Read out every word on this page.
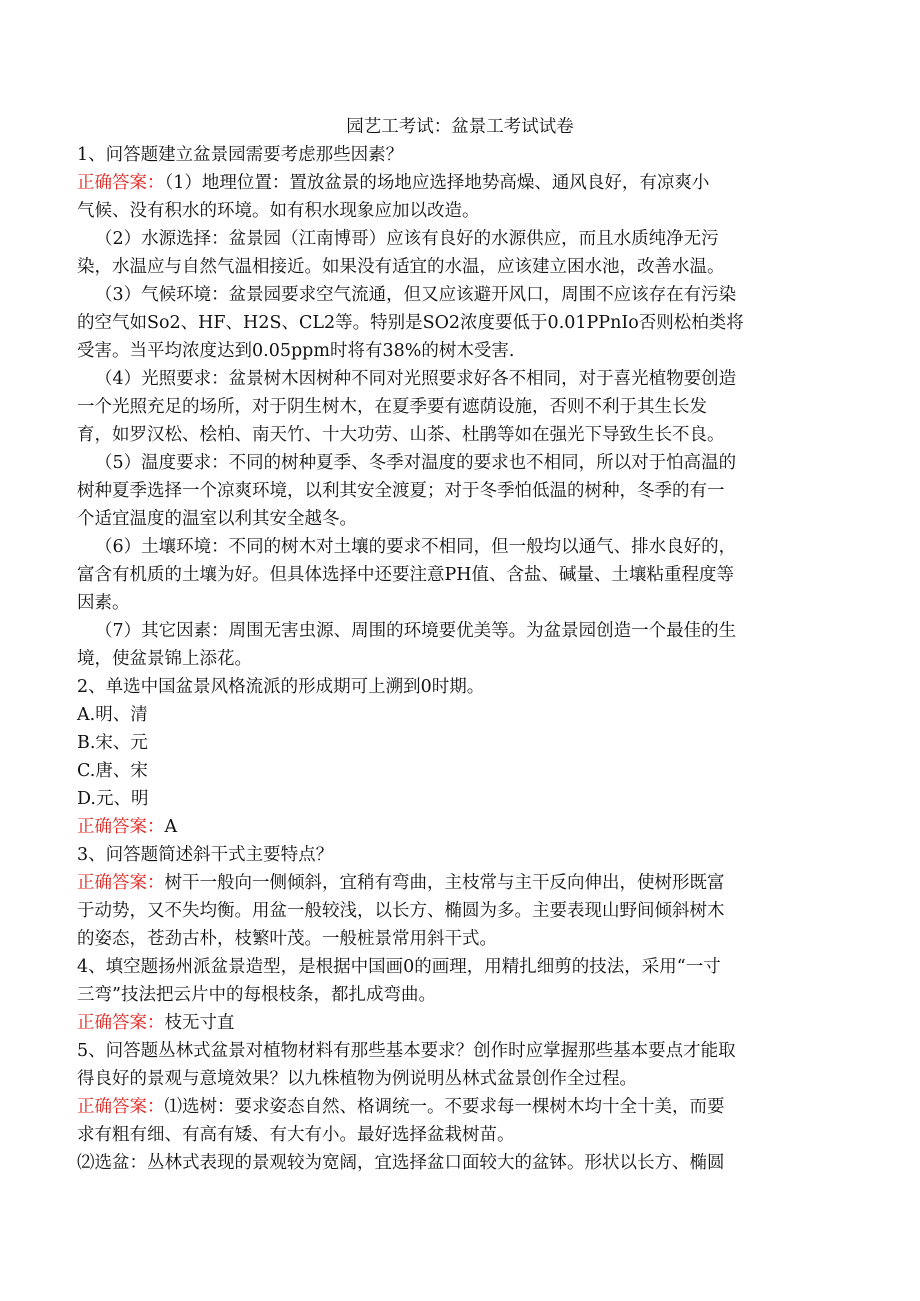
园艺工考试：盆景工考试试卷
1、问答题建立盆景园需要考虑那些因素？
正确答案：（1）地理位置：置放盆景的场地应选择地势高燥、通风良好，有凉爽小
气候、没有积水的环境。如有积水现象应加以改造。
（2）水源选择：盆景园（江南博哥）应该有良好的水源供应，而且水质纯净无污
染，水温应与自然气温相接近。如果没有适宜的水温，应该建立困水池，改善水温。
（3）气候环境：盆景园要求空气流通，但又应该避开风口，周围不应该存在有污染
的空气如So2、HF、H2S、CL2等。特别是SO2浓度要低于0.01PPnIo否则松柏类将
受害。当平均浓度达到0.05ppm时将有38%的树木受害.
（4）光照要求：盆景树木因树种不同对光照要求好各不相同，对于喜光植物要创造
一个光照充足的场所，对于阴生树木，在夏季要有遮荫设施，否则不利于其生长发
育，如罗汉松、桧柏、南天竹、十大功劳、山茶、杜鹃等如在强光下导致生长不良。
（5）温度要求：不同的树种夏季、冬季对温度的要求也不相同，所以对于怕高温的
树种夏季选择一个凉爽环境，以利其安全渡夏；对于冬季怕低温的树种，冬季的有一
个适宜温度的温室以利其安全越冬。
（6）土壤环境：不同的树木对土壤的要求不相同，但一般均以通气、排水良好的，
富含有机质的土壤为好。但具体选择中还要注意PH值、含盐、碱量、土壤粘重程度等
因素。
（7）其它因素：周围无害虫源、周围的环境要优美等。为盆景园创造一个最佳的生
境，使盆景锦上添花。
2、单选中国盆景风格流派的形成期可上溯到0时期。
A.明、清
B.宋、元
C.唐、宋
D.元、明
正确答案：A
3、问答题简述斜干式主要特点？
正确答案：树干一般向一侧倾斜，宜稍有弯曲，主枝常与主干反向伸出，使树形既富
于动势，又不失均衡。用盆一般较浅，以长方、椭圆为多。主要表现山野间倾斜树木
的姿态，苍劲古朴，枝繁叶茂。一般桩景常用斜干式。
4、填空题扬州派盆景造型，是根据中国画0的画理，用精扎细剪的技法，采用“一寸
三弯”技法把云片中的每根枝条，都扎成弯曲。
正确答案：枝无寸直
5、问答题丛林式盆景对植物材料有那些基本要求？创作时应掌握那些基本要点才能取
得良好的景观与意境效果？以九株植物为例说明丛林式盆景创作全过程。
正确答案：⑴选树：要求姿态自然、格调统一。不要求每一棵树木均十全十美，而要
求有粗有细、有高有矮、有大有小。最好选择盆栽树苗。
⑵选盆：丛林式表现的景观较为宽阔，宜选择盆口面较大的盆钵。形状以长方、椭圆
